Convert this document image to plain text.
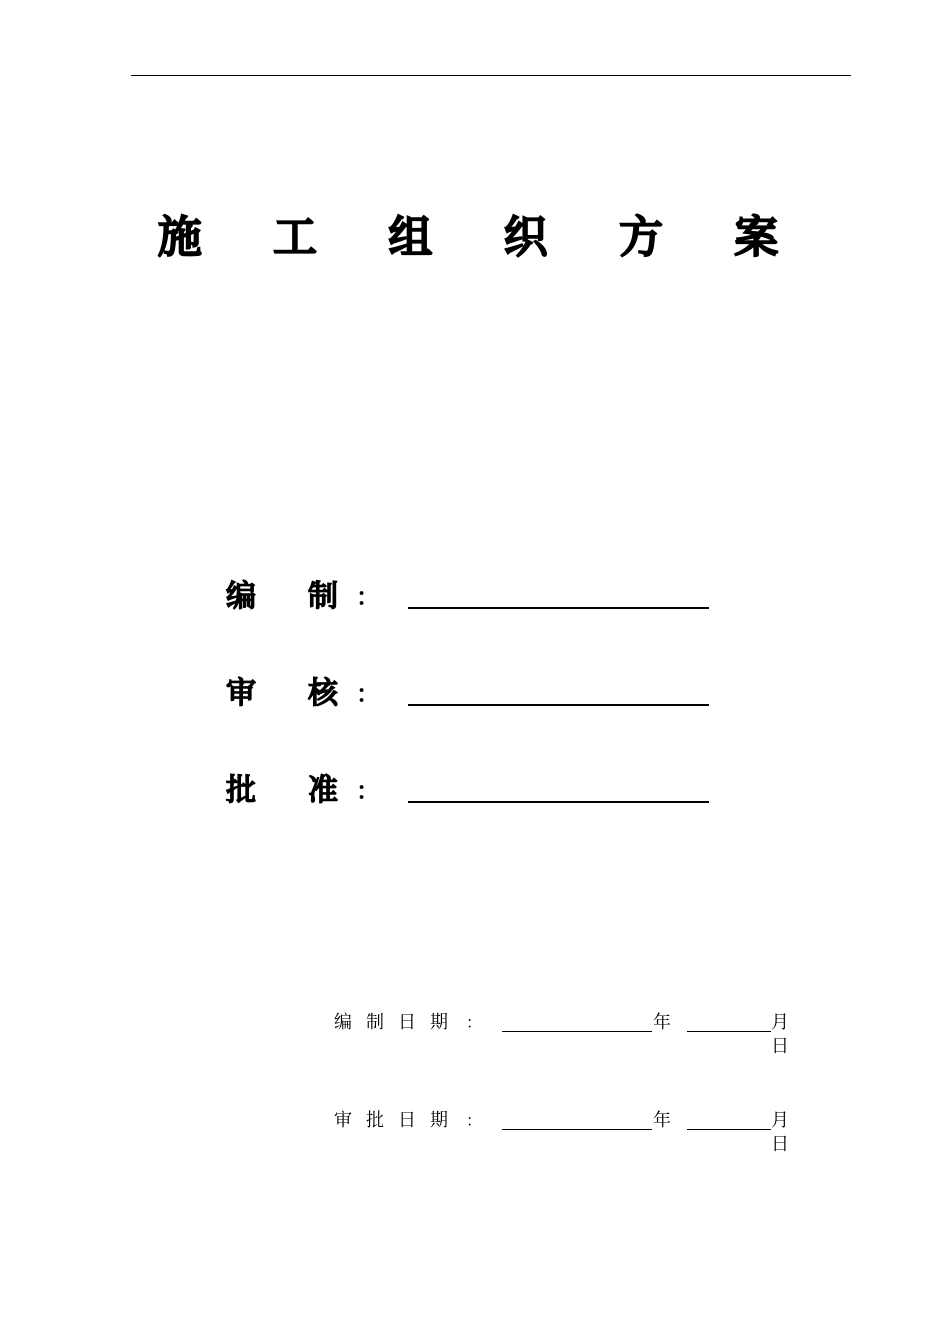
施 工 组 织 方 案
编 制 ：
审 核 ：
批 准 ：
编制日期 ：	年	月
日
审批日期 ：	年	月
日
